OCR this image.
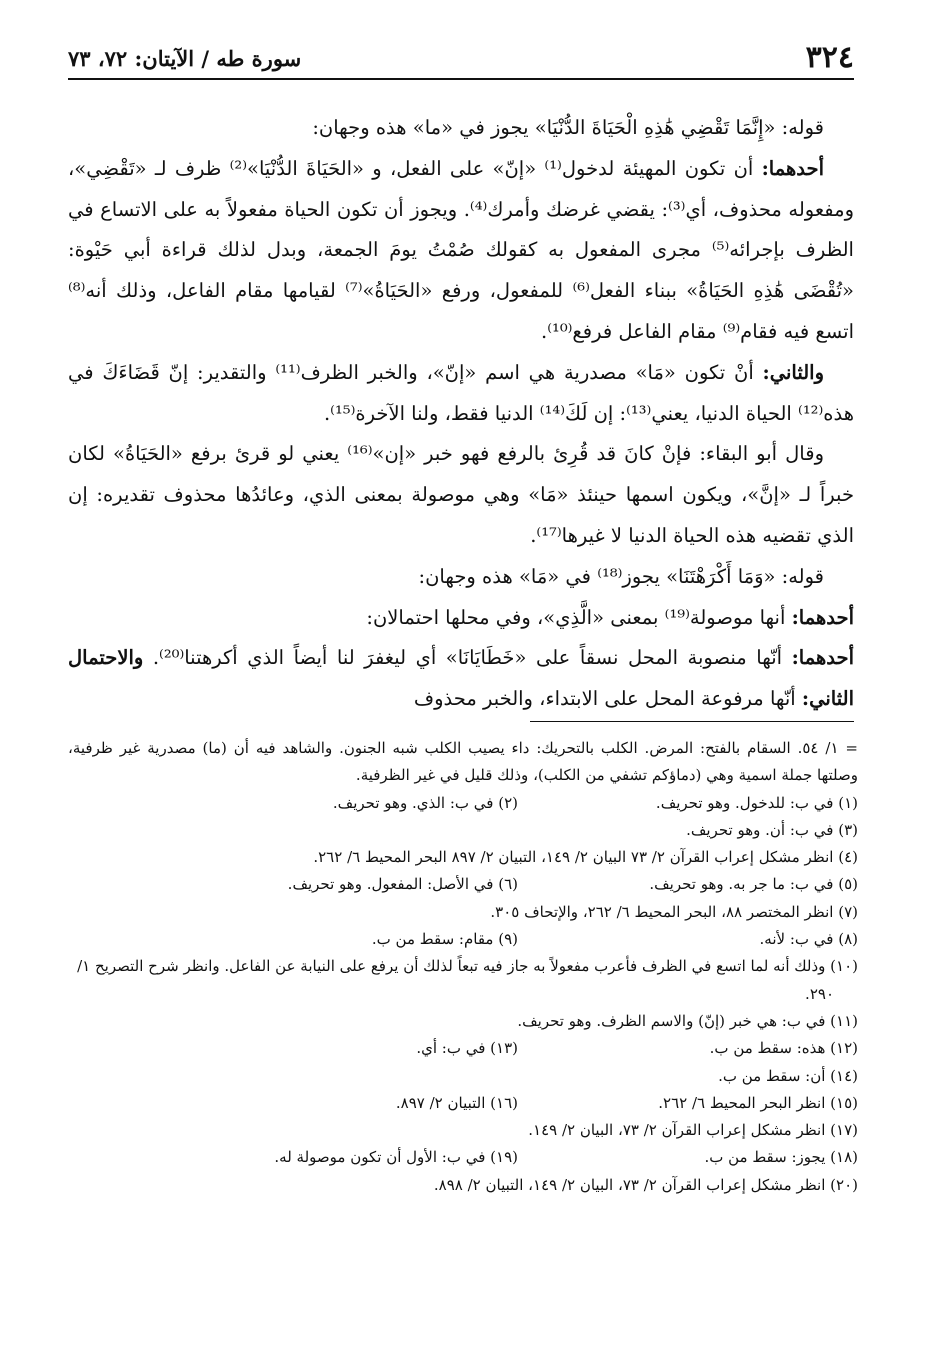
٣٢٤
سورة طه / الآيتان: ٧٢، ٧٣

قوله: «إِنَّمَا تَقْضِي هَٰذِهِ الْحَيَاةَ الدُّنْيَا» يجوز في «ما» هذه وجهان:

أحدهما: أن تكون المهيئة لدخول⁽¹⁾ «إنّ» على الفعل، و «الحَيَاةَ الدُّنْيَا»⁽²⁾ ظرف لـ «تَقْضِي»، ومفعوله محذوف، أي⁽³⁾: يقضي غرضك وأمرك⁽⁴⁾. ويجوز أن تكون الحياة مفعولاً به على الاتساع في الظرف بإجرائه⁽⁵⁾ مجرى المفعول به كقولك صُمْتُ يومَ الجمعة، وبدل لذلك قراءة أبي حَيْوة: «تُقْضَى هَٰذِهِ الحَيَاةُ» ببناء الفعل⁽⁶⁾ للمفعول، ورفع «الحَيَاةُ»⁽⁷⁾ لقيامها مقام الفاعل، وذلك أنه⁽⁸⁾ اتسع فيه فقام⁽⁹⁾ مقام الفاعل فرفع⁽¹⁰⁾.

والثاني: أنْ تكون «مَا» مصدرية هي اسم «إنّ»، والخبر الظرف⁽¹¹⁾ والتقدير: إنّ قَضَاءَكَ في هذه⁽¹²⁾ الحياة الدنيا، يعني⁽¹³⁾: إن لَكَ⁽¹⁴⁾ الدنيا فقط، ولنا الآخرة⁽¹⁵⁾.

وقال أبو البقاء: فإنْ كانَ قد قُرِئ بالرفع فهو خبر «إن»⁽¹⁶⁾ يعني لو قرئ برفع «الحَيَاةُ» لكان خبراً لـ «إنَّ»، ويكون اسمها حينئذ «مَا» وهي موصولة بمعنى الذي، وعائدُها محذوف تقديره: إن الذي تقضيه هذه الحياة الدنيا لا غيرها⁽¹⁷⁾.

قوله: «وَمَا أَكْرَهْتَنَا» يجوز⁽¹⁸⁾ في «مَا» هذه وجهان:

أحدهما: أنها موصولة⁽¹⁹⁾ بمعنى «الَّذِي»، وفي محلها احتمالان:

أحدهما: أنّها منصوبة المحل نسقاً على «خَطَايَانَا» أي ليغفرَ لنا أيضاً الذي أكرهتنا⁽²⁰⁾. والاحتمال الثاني: أنّها مرفوعة المحل على الابتداء، والخبر محذوف

= ١/ ٥٤. السقام بالفتح: المرض. الكلب بالتحريك: داء يصيب الكلب شبه الجنون. والشاهد فيه أن (ما) مصدرية غير ظرفية، وصلتها جملة اسمية وهي (دماؤكم تشفي من الكلب)، وذلك قليل في غير الظرفية.

(١) في ب: للدخول. وهو تحريف.
(٢) في ب: الذي. وهو تحريف.
(٣) في ب: أن. وهو تحريف.
(٤) انظر مشكل إعراب القرآن ٢/ ٧٣ البيان ٢/ ١٤٩، التبيان ٢/ ٨٩٧ البحر المحيط ٦/ ٢٦٢.
(٥) في ب: ما جر به. وهو تحريف.
(٦) في الأصل: المفعول. وهو تحريف.
(٧) انظر المختصر ٨٨، البحر المحيط ٦/ ٢٦٢، والإتحاف ٣٠٥.
(٨) في ب: لأنه.
(٩) مقام: سقط من ب.

(١٠) وذلك أنه لما اتسع في الظرف فأعرب مفعولاً به جاز فيه تبعاً لذلك أن يرفع على النيابة عن الفاعل. وانظر شرح التصريح ١/ ٢٩٠.

(١١) في ب: هي خبر (إنّ) والاسم الظرف. وهو تحريف.
(١٢) هذه: سقط من ب.
(١٣) في ب: أي.
(١٤) أن: سقط من ب.
(١٥) انظر البحر المحيط ٦/ ٢٦٢.
(١٦) التبيان ٢/ ٨٩٧.
(١٧) انظر مشكل إعراب القرآن ٢/ ٧٣، البيان ٢/ ١٤٩.
(١٨) يجوز: سقط من ب.
(١٩) في ب: الأول أن تكون موصولة له.
(٢٠) انظر مشكل إعراب القرآن ٢/ ٧٣، البيان ٢/ ١٤٩، التبيان ٢/ ٨٩٨.
